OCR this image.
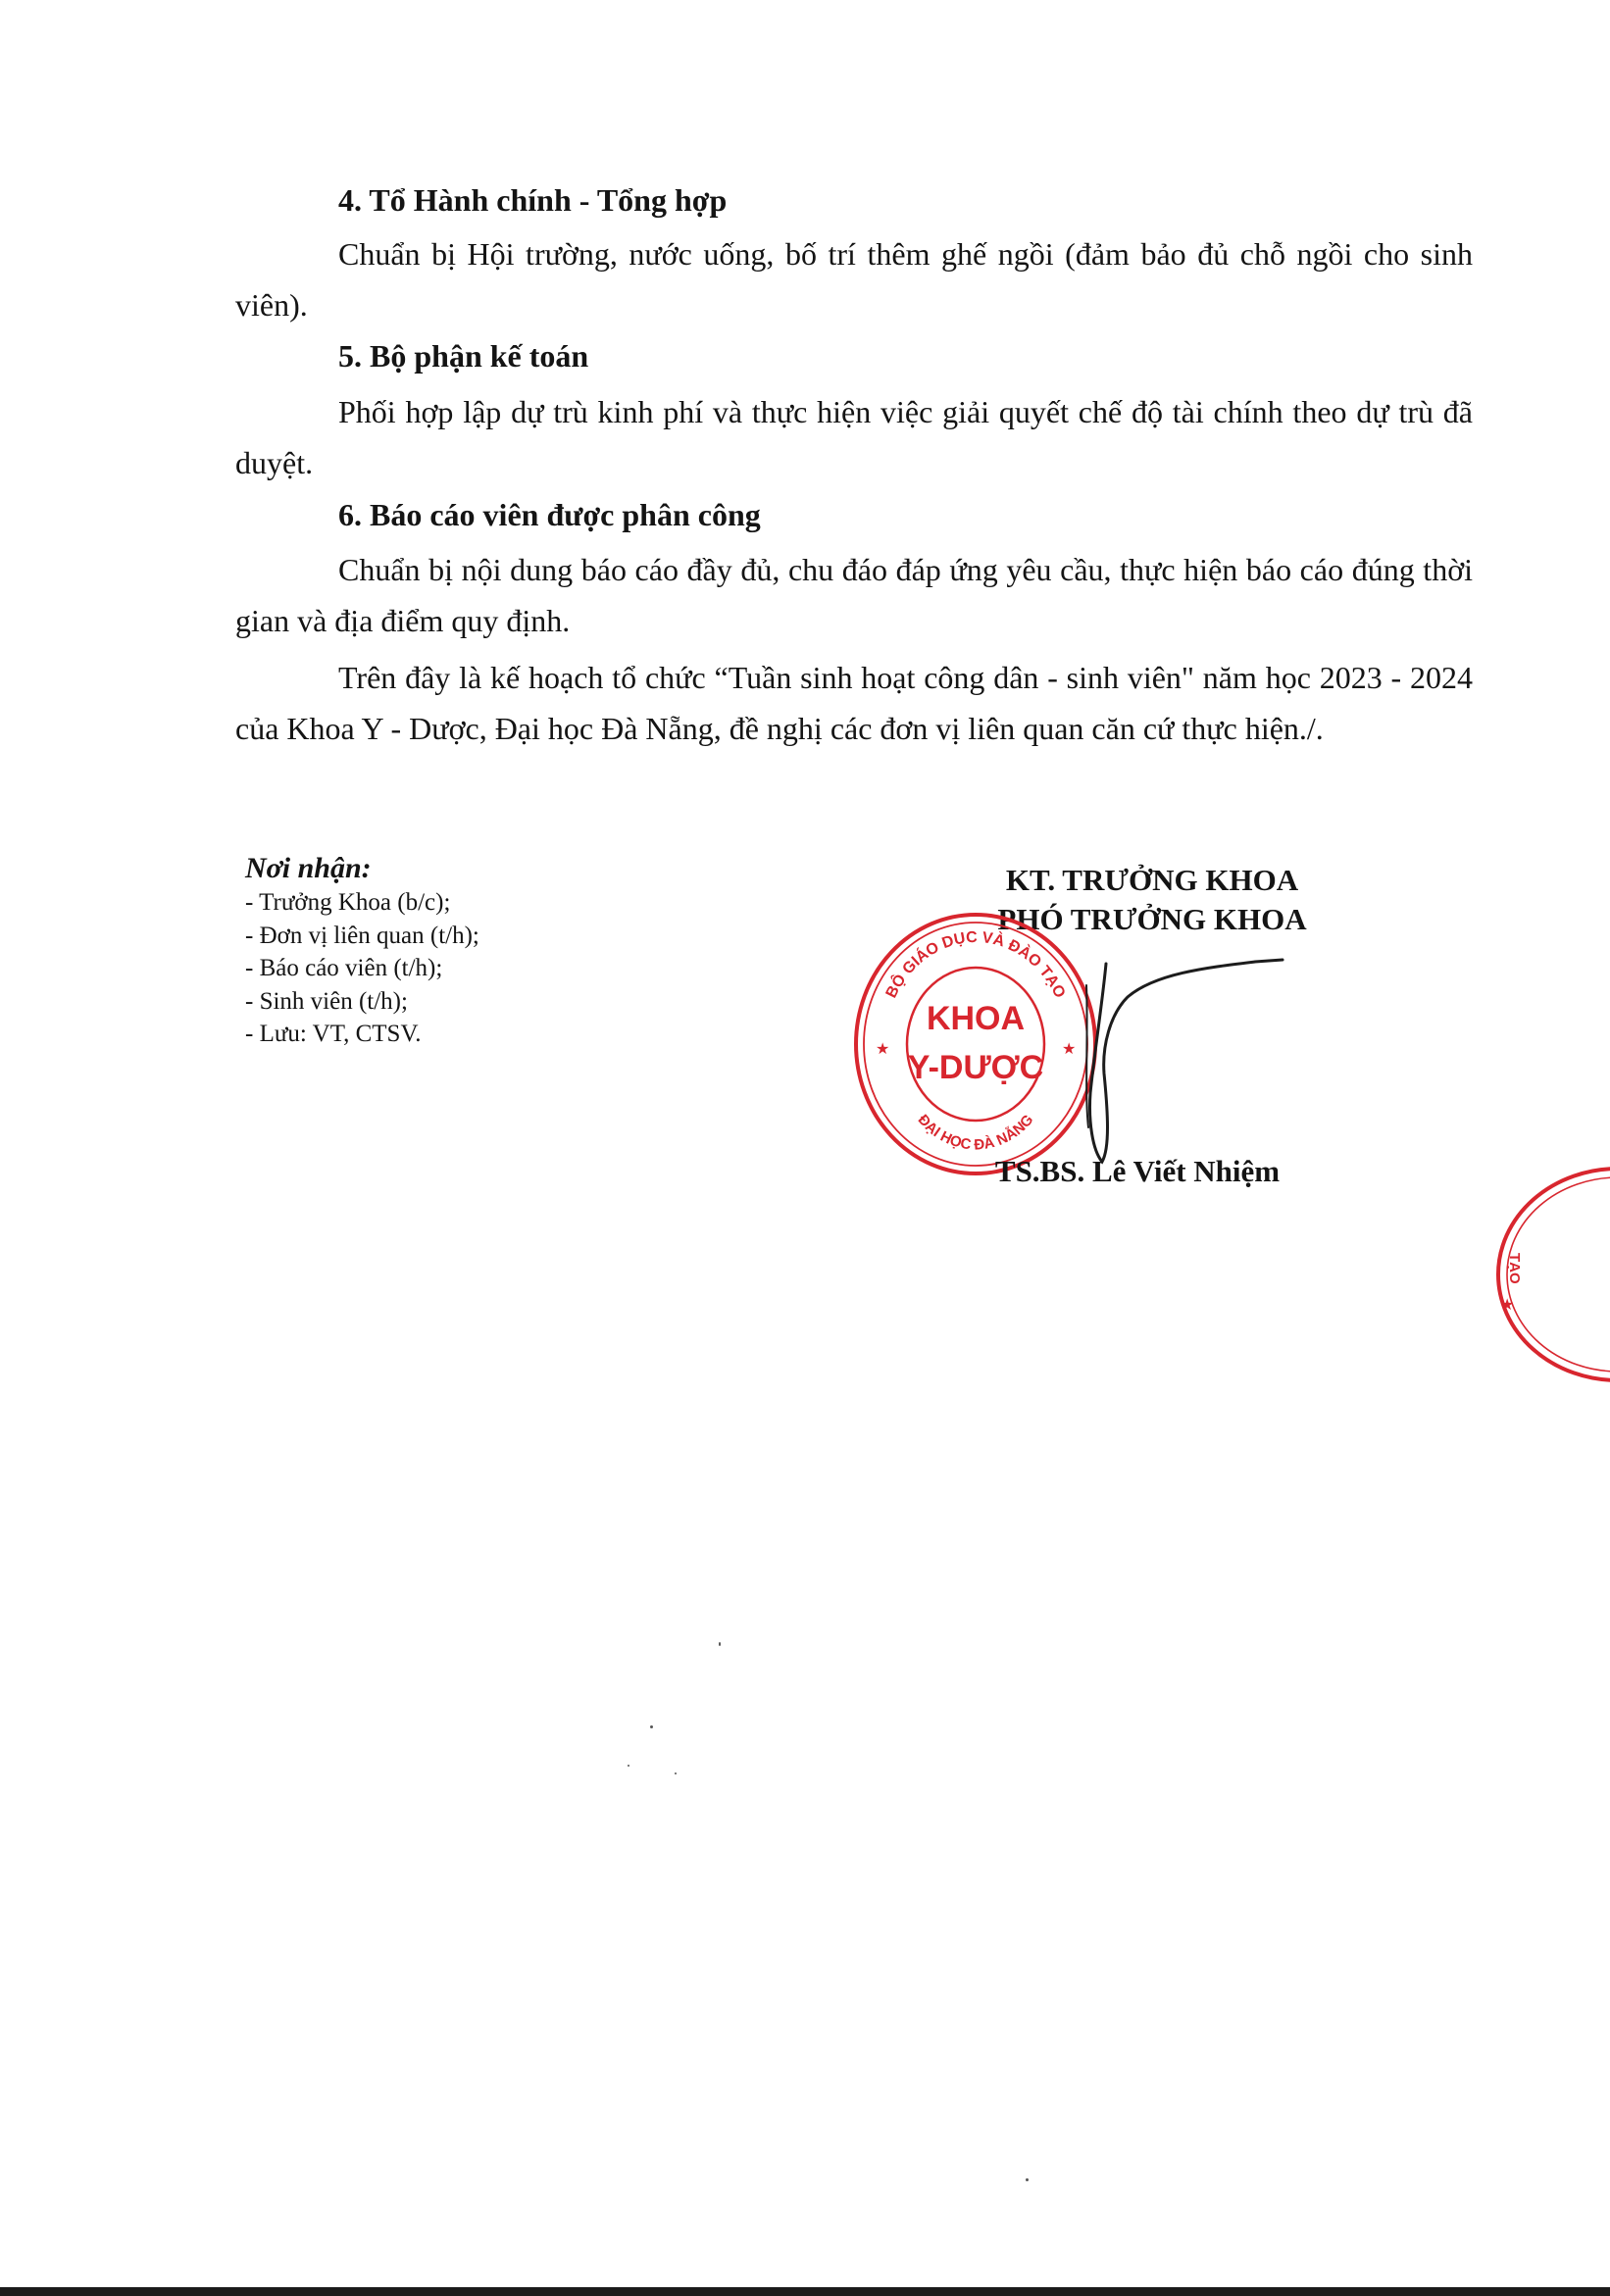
4. Tổ Hành chính - Tổng hợp
Chuẩn bị Hội trường, nước uống, bố trí thêm ghế ngồi (đảm bảo đủ chỗ ngồi cho sinh viên).
5. Bộ phận kế toán
Phối hợp lập dự trù kinh phí và thực hiện việc giải quyết chế độ tài chính theo dự trù đã duyệt.
6. Báo cáo viên được phân công
Chuẩn bị nội dung báo cáo đầy đủ, chu đáo đáp ứng yêu cầu, thực hiện báo cáo đúng thời gian và địa điểm quy định.
Trên đây là kế hoạch tổ chức “Tuần sinh hoạt công dân - sinh viên" năm học 2023 - 2024 của Khoa Y - Dược, Đại học Đà Nẵng, đề nghị các đơn vị liên quan căn cứ thực hiện./.
Nơi nhận:
- Trưởng Khoa (b/c);
- Đơn vị liên quan (t/h);
- Báo cáo viên (t/h);
- Sinh viên (t/h);
- Lưu: VT, CTSV.
KT. TRƯỞNG KHOA
PHÓ TRƯỞNG KHOA
BỘ GIÁO DỤC VÀ ĐÀO TẠO
ĐẠI HỌC ĐÀ NẴNG
KHOA
Y-DƯỢC
★	★
TS.BS. Lê Viết Nhiệm
TẠO
★
